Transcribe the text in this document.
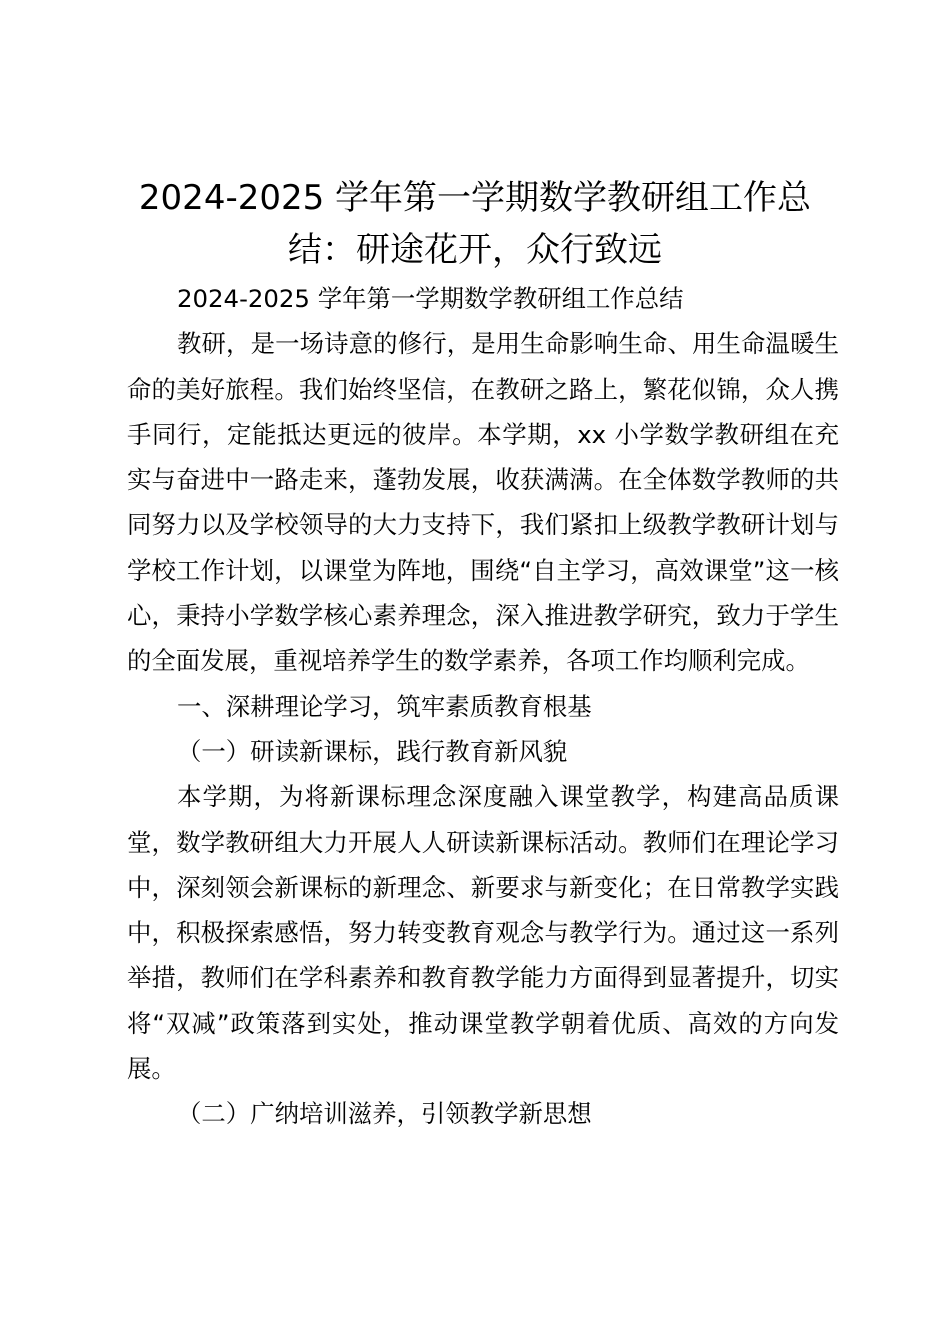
2024-2025 学年第一学期数学教研组工作总结：研途花开，众行致远

2024-2025 学年第一学期数学教研组工作总结

教研，是一场诗意的修行，是用生命影响生命、用生命温暖生命的美好旅程。我们始终坚信，在教研之路上，繁花似锦，众人携手同行，定能抵达更远的彼岸。本学期，xx 小学数学教研组在充实与奋进中一路走来，蓬勃发展，收获满满。在全体数学教师的共同努力以及学校领导的大力支持下，我们紧扣上级教学教研计划与学校工作计划，以课堂为阵地，围绕“自主学习，高效课堂”这一核心，秉持小学数学核心素养理念，深入推进教学研究，致力于学生的全面发展，重视培养学生的数学素养，各项工作均顺利完成。

一、深耕理论学习，筑牢素质教育根基

（一）研读新课标，践行教育新风貌

本学期，为将新课标理念深度融入课堂教学，构建高品质课堂，数学教研组大力开展人人研读新课标活动。教师们在理论学习中，深刻领会新课标的新理念、新要求与新变化；在日常教学实践中，积极探索感悟，努力转变教育观念与教学行为。通过这一系列举措，教师们在学科素养和教育教学能力方面得到显著提升，切实将“双减”政策落到实处，推动课堂教学朝着优质、高效的方向发展。

（二）广纳培训滋养，引领教学新思想
